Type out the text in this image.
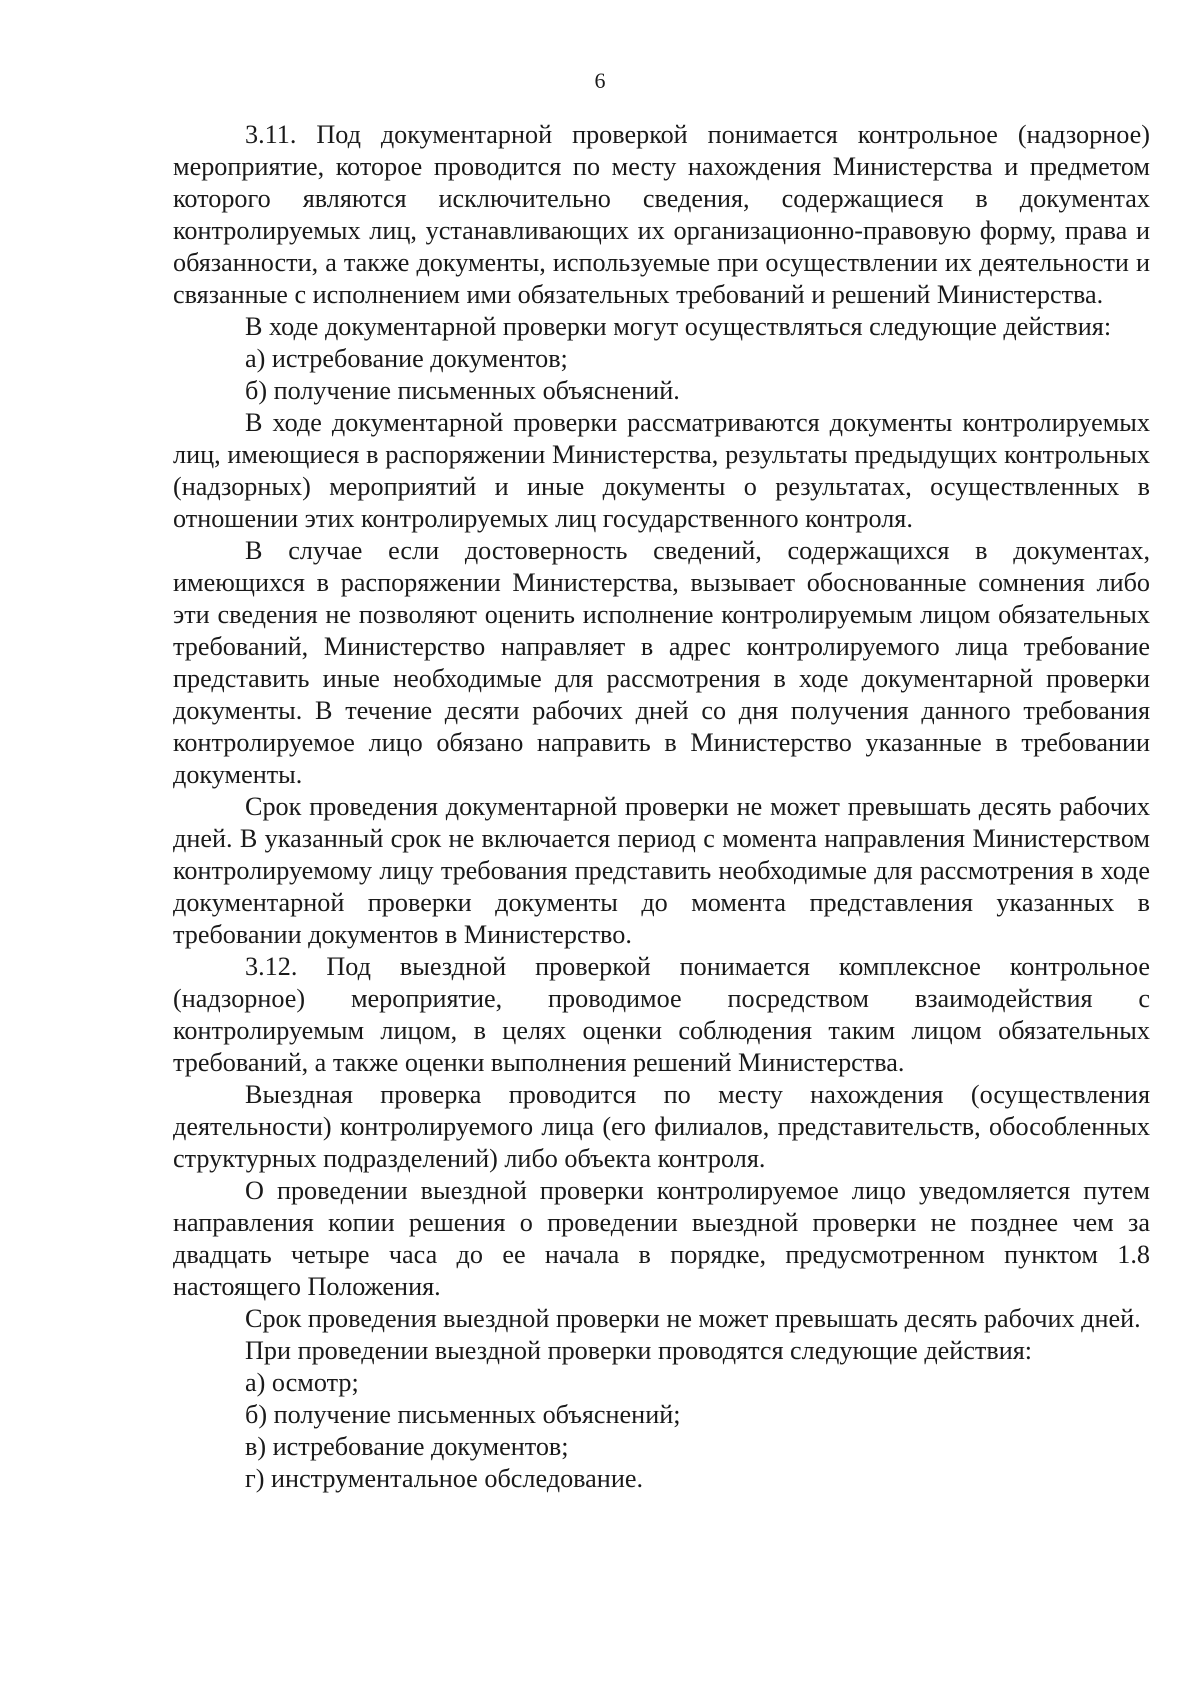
6

3.11. Под документарной проверкой понимается контрольное (надзорное) мероприятие, которое проводится по месту нахождения Министерства и предметом которого являются исключительно сведения, содержащиеся в документах контролируемых лиц, устанавливающих их организационно-правовую форму, права и обязанности, а также документы, используемые при осуществлении их деятельности и связанные с исполнением ими обязательных требований и решений Министерства.

В ходе документарной проверки могут осуществляться следующие действия:

а) истребование документов;

б) получение письменных объяснений.

В ходе документарной проверки рассматриваются документы контролируемых лиц, имеющиеся в распоряжении Министерства, результаты предыдущих контрольных (надзорных) мероприятий и иные документы о результатах, осуществленных в отношении этих контролируемых лиц государственного контроля.

В случае если достоверность сведений, содержащихся в документах, имеющихся в распоряжении Министерства, вызывает обоснованные сомнения либо эти сведения не позволяют оценить исполнение контролируемым лицом обязательных требований, Министерство направляет в адрес контролируемого лица требование представить иные необходимые для рассмотрения в ходе документарной проверки документы. В течение десяти рабочих дней со дня получения данного требования контролируемое лицо обязано направить в Министерство указанные в требовании документы.

Срок проведения документарной проверки не может превышать десять рабочих дней. В указанный срок не включается период с момента направления Министерством контролируемому лицу требования представить необходимые для рассмотрения в ходе документарной проверки документы до момента представления указанных в требовании документов в Министерство.

3.12. Под выездной проверкой понимается комплексное контрольное (надзорное) мероприятие, проводимое посредством взаимодействия с контролируемым лицом, в целях оценки соблюдения таким лицом обязательных требований, а также оценки выполнения решений Министерства.

Выездная проверка проводится по месту нахождения (осуществления деятельности) контролируемого лица (его филиалов, представительств, обособленных структурных подразделений) либо объекта контроля.

О проведении выездной проверки контролируемое лицо уведомляется путем направления копии решения о проведении выездной проверки не позднее чем за двадцать четыре часа до ее начала в порядке, предусмотренном пунктом 1.8 настоящего Положения.

Срок проведения выездной проверки не может превышать десять рабочих дней.

При проведении выездной проверки проводятся следующие действия:

а) осмотр;

б) получение письменных объяснений;

в) истребование документов;

г) инструментальное обследование.
